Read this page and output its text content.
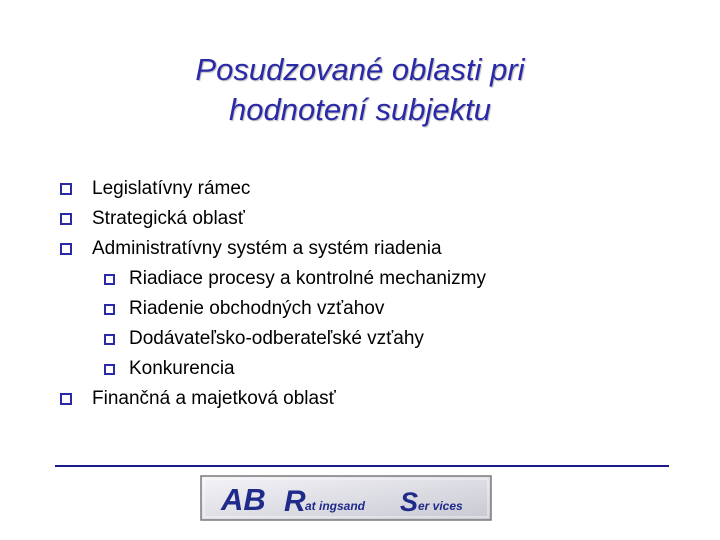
Posudzované oblasti pri
hodnotení subjektu
Legislatívny rámec
Strategická oblasť
Administratívny systém a systém riadenia
Riadiace procesy a kontrolné mechanizmy
Riadenie obchodných vzťahov
Dodávateľsko-odberateľské vzťahy
Konkurencia
Finančná a majetková oblasť
AB R at ingsand S er vices
